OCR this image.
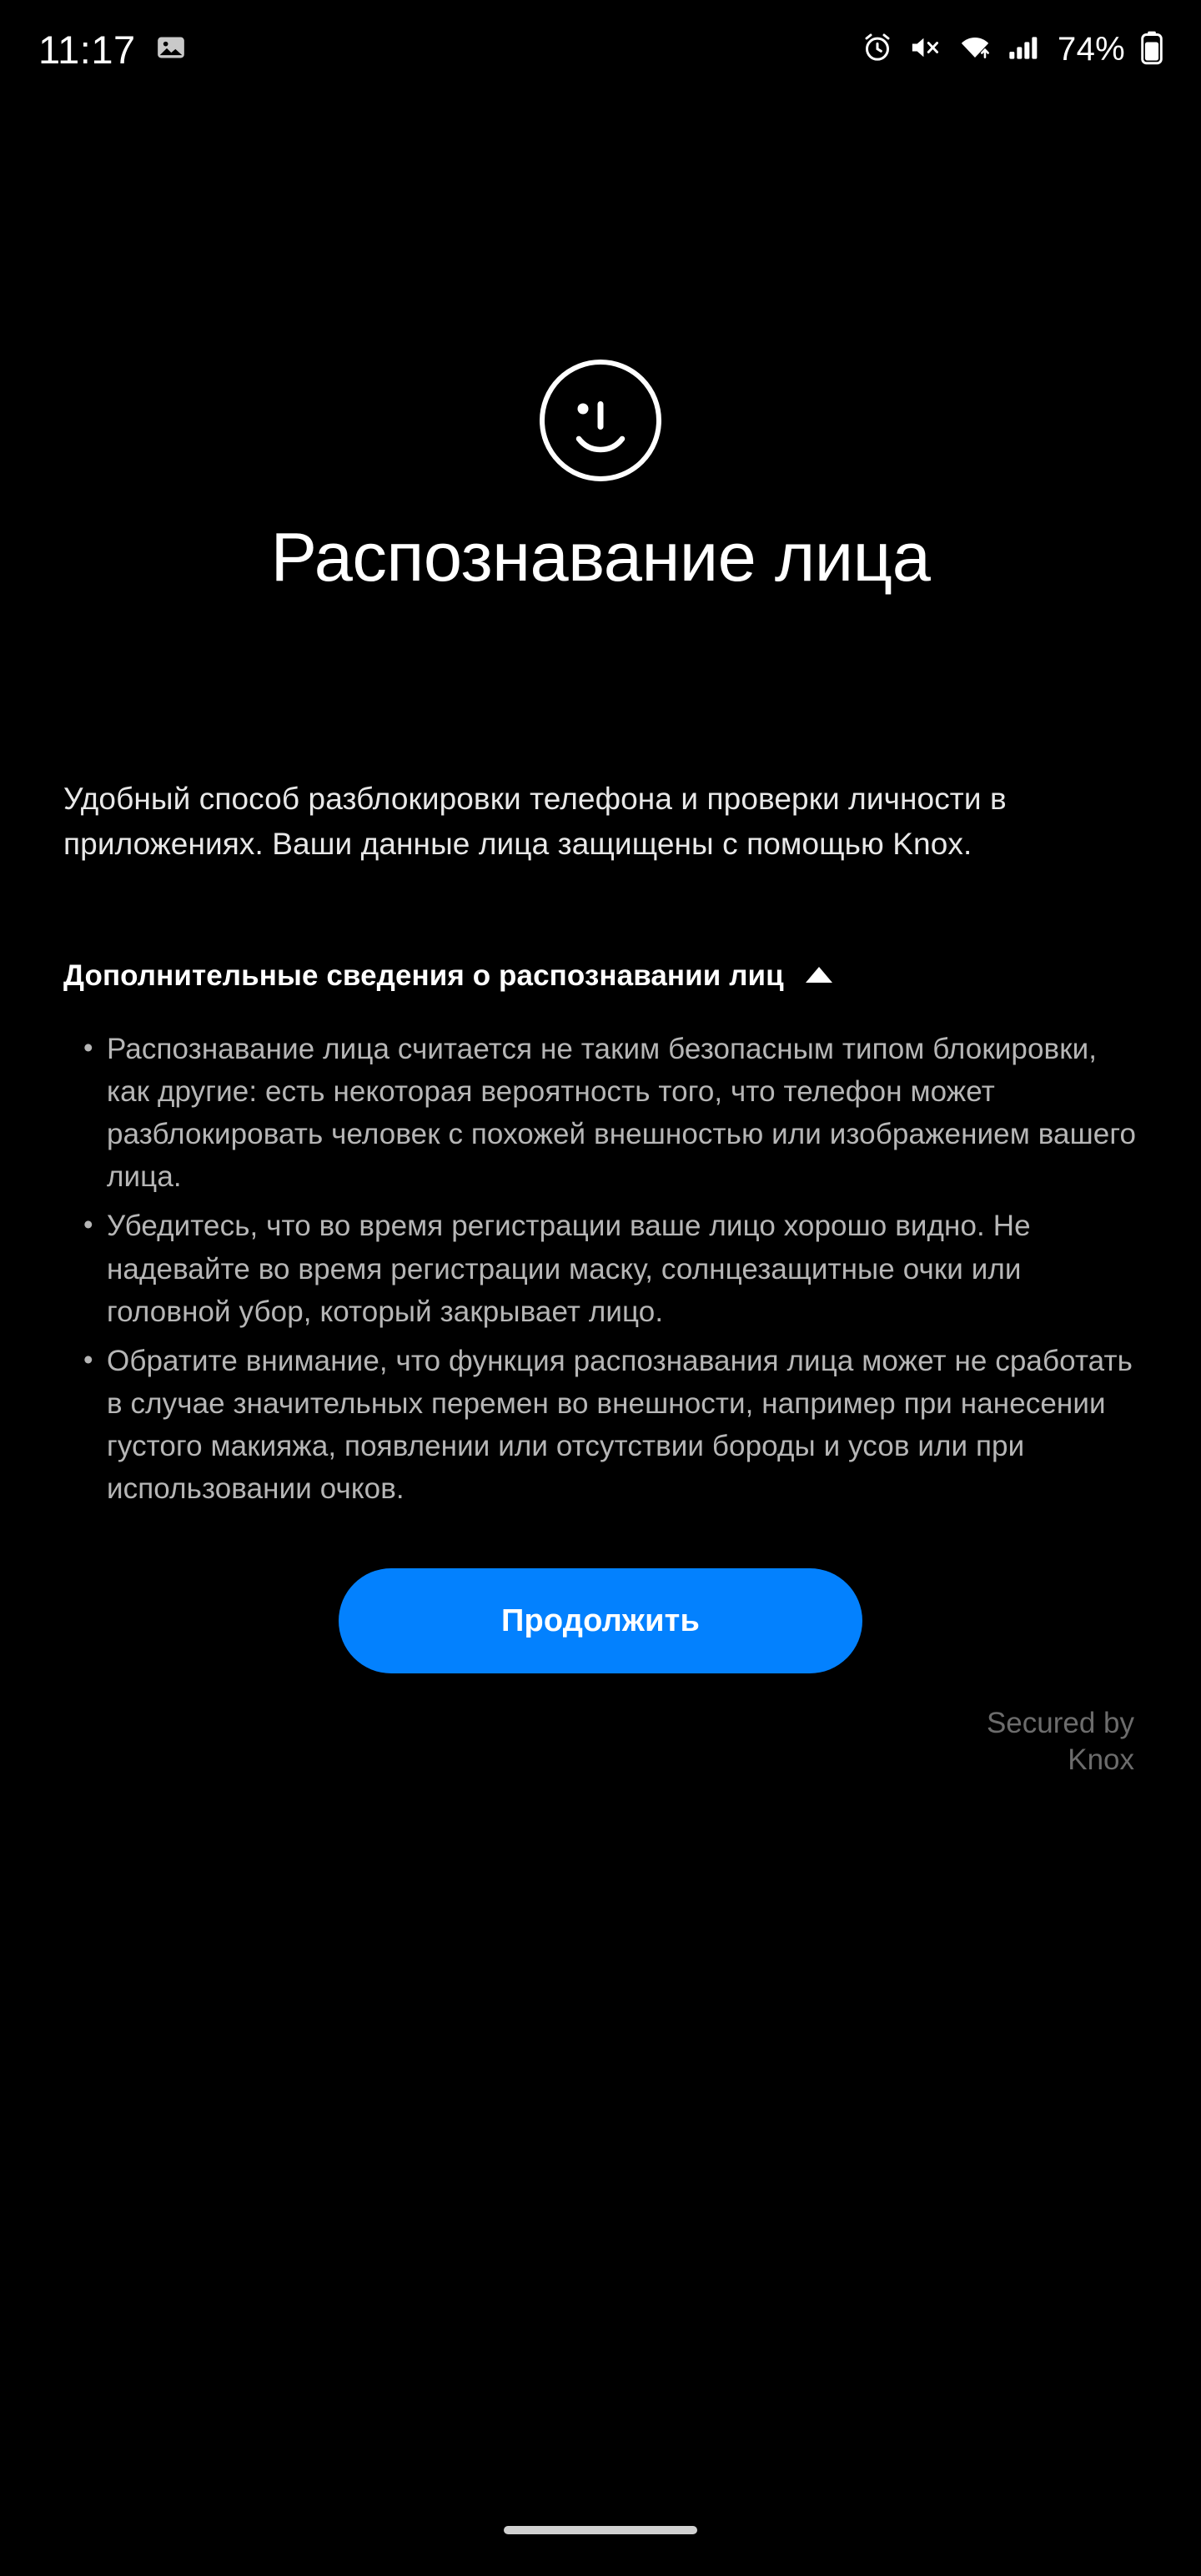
11:17	74%
Распознавание лица

Удобный способ разблокировки телефона и проверки личности в приложениях. Ваши данные лица защищены с помощью Knox.

Дополнительные сведения о распознавании лиц
• Распознавание лица считается не таким безопасным типом блокировки, как другие: есть некоторая вероятность того, что телефон может разблокировать человек с похожей внешностью или изображением вашего лица.
• Убедитесь, что во время регистрации ваше лицо хорошо видно. Не надевайте во время регистрации маску, солнцезащитные очки или головной убор, который закрывает лицо.
• Обратите внимание, что функция распознавания лица может не сработать в случае значительных перемен во внешности, например при нанесении густого макияжа, появлении или отсутствии бороды и усов или при использовании очков.
Продолжить
Secured by
Knox
